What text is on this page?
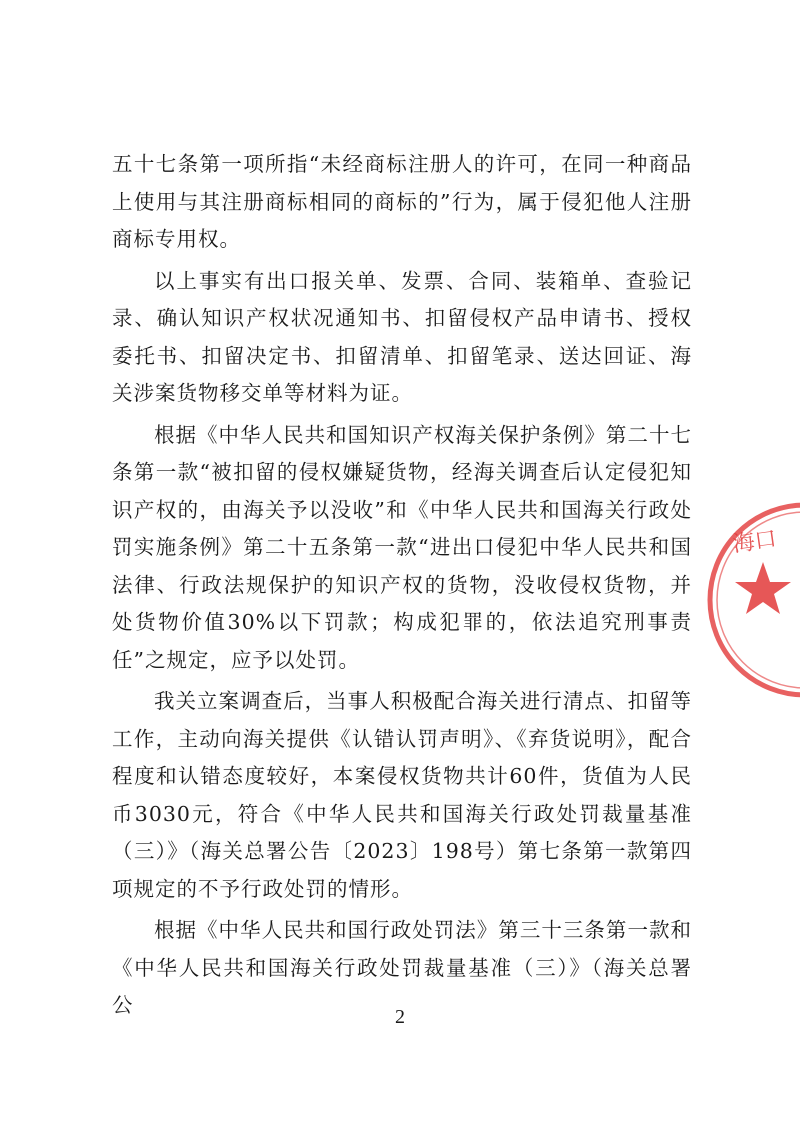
五十七条第一项所指“未经商标注册人的许可，在同一种商品上使用与其注册商标相同的商标的”行为，属于侵犯他人注册商标专用权。

以上事实有出口报关单、发票、合同、装箱单、查验记录、确认知识产权状况通知书、扣留侵权产品申请书、授权委托书、扣留决定书、扣留清单、扣留笔录、送达回证、海关涉案货物移交单等材料为证。

根据《中华人民共和国知识产权海关保护条例》第二十七条第一款“被扣留的侵权嫌疑货物，经海关调查后认定侵犯知识产权的，由海关予以没收”和《中华人民共和国海关行政处罚实施条例》第二十五条第一款“进出口侵犯中华人民共和国法律、行政法规保护的知识产权的货物，没收侵权货物，并处货物价值30%以下罚款；构成犯罪的，依法追究刑事责任”之规定，应予以处罚。

我关立案调查后，当事人积极配合海关进行清点、扣留等工作，主动向海关提供《认错认罚声明》、《弃货说明》，配合程度和认错态度较好，本案侵权货物共计60件，货值为人民币3030元，符合《中华人民共和国海关行政处罚裁量基准（三）》（海关总署公告〔2023〕198号）第七条第一款第四项规定的不予行政处罚的情形。

根据《中华人民共和国行政处罚法》第三十三条第一款和《中华人民共和国海关行政处罚裁量基准（三）》（海关总署公

海口
2
